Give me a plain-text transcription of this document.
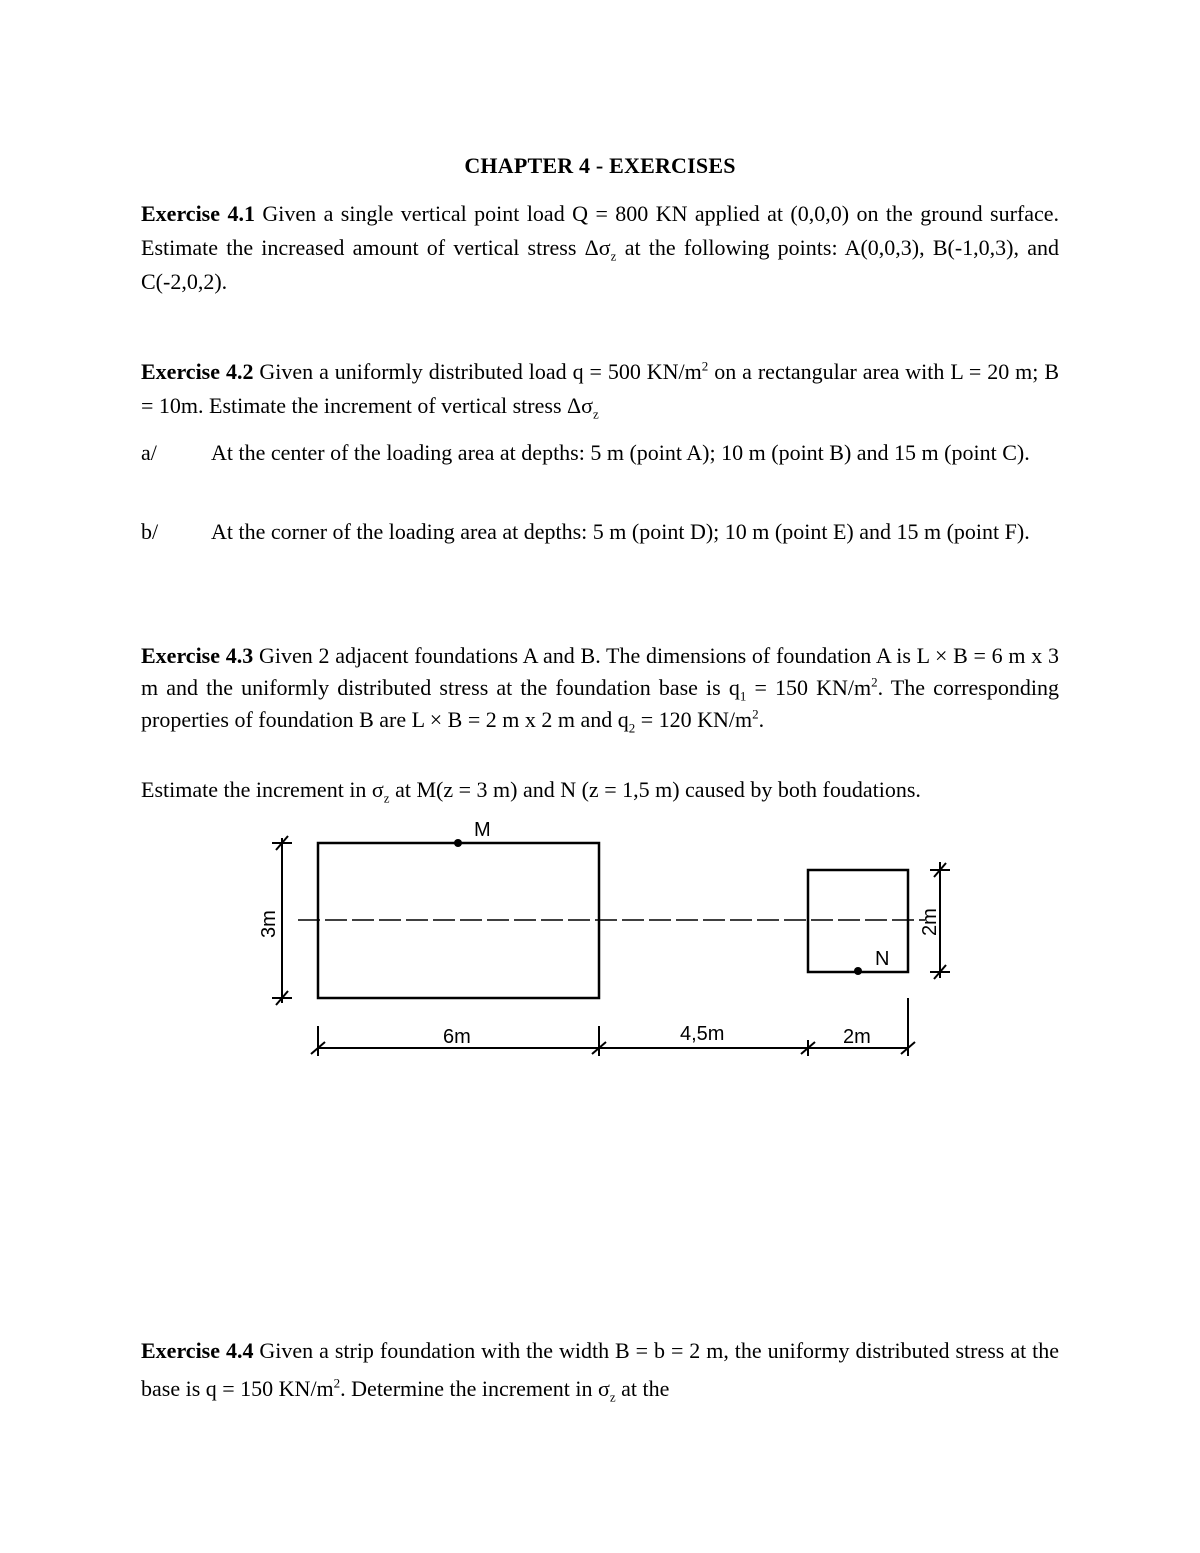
CHAPTER 4 - EXERCISES
Exercise 4.1 Given a single vertical point load Q = 800 KN applied at (0,0,0) on the ground surface. Estimate the increased amount of vertical stress $\Delta\sigma_z$ at the following points: A(0,0,3), B(-1,0,3), and C(-2,0,2).
Exercise 4.2 Given a uniformly distributed load q = 500 $KN/m^2$ on a rectangular area with L = 20 m; B = 10m. Estimate the increment of vertical stress $\Delta\sigma_z$
a/ At the center of the loading area at depths: 5 m (point A); 10 m (point B) and 15 m (point C).
b/ At the corner of the loading area at depths: 5 m (point D); 10 m (point E) and 15 m (point F).
Exercise 4.3 Given 2 adjacent foundations A and B. The dimensions of foundation A is L × B = 6 m x 3 m and the uniformly distributed stress at the foundation base is $q_1 = 150$ $KN/m^2$. The corresponding properties of foundation B are L × B = 2 m x 2 m and $q_2 = 120$ $KN/m^2$.
Estimate the increment in $\sigma_z$ at M(z = 3 m) and N (z = 1,5 m) caused by both foudations.
M
N
3m	2m
6m	4,5m	2m
Exercise 4.4 Given a strip foundation with the width B = b = 2 m, the uniformy distributed stress at the base is q = 150 $KN/m^2$. Determine the increment in $\sigma_z$ at the
